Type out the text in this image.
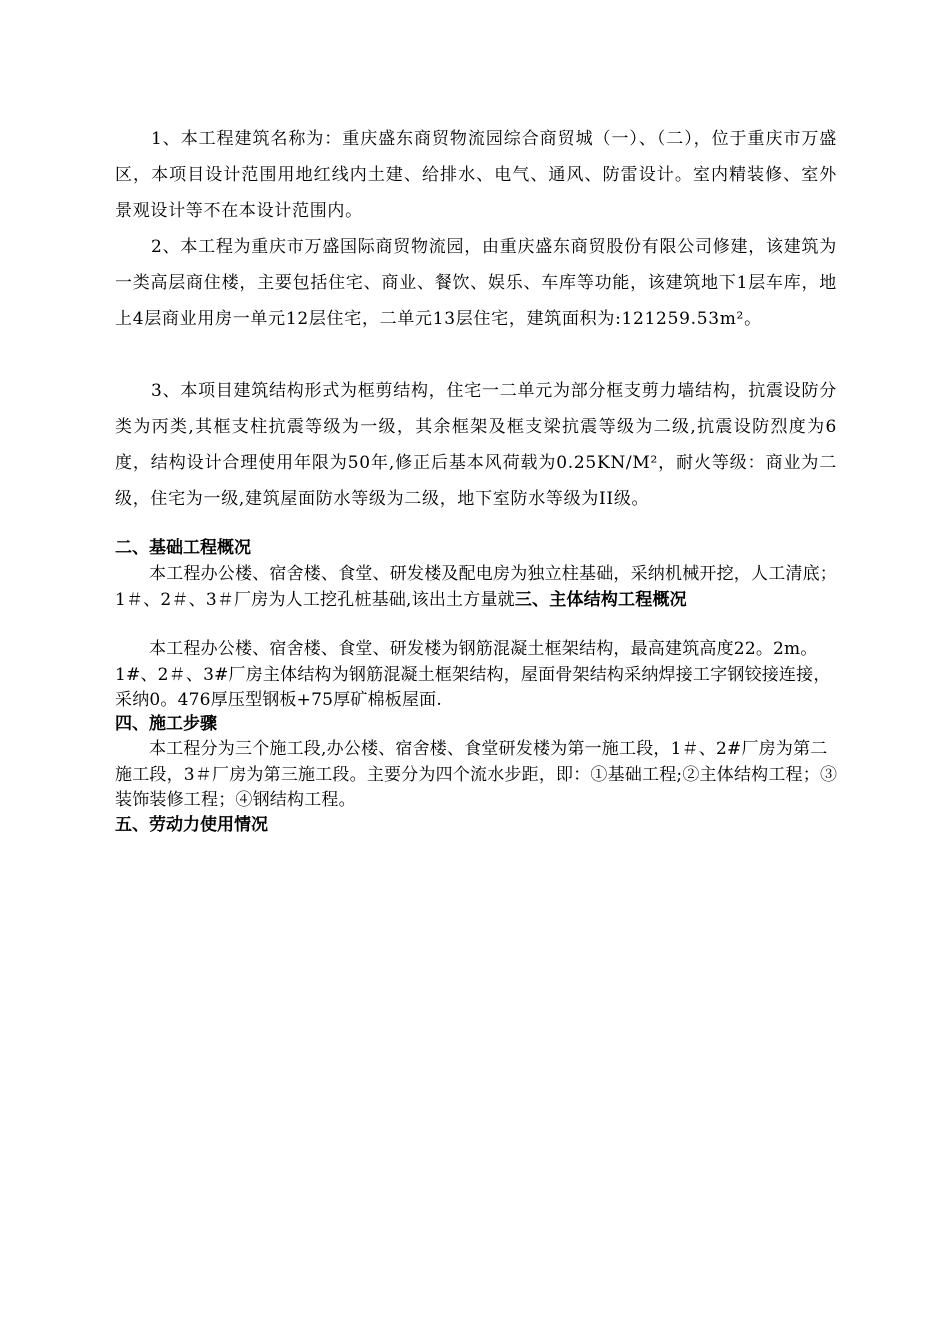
1、本工程建筑名称为：重庆盛东商贸物流园综合商贸城（一）、（二），位于重庆市万盛区，本项目设计范围用地红线内土建、给排水、电气、通风、防雷设计。室内精装修、室外景观设计等不在本设计范围内。

2、本工程为重庆市万盛国际商贸物流园，由重庆盛东商贸股份有限公司修建，该建筑为一类高层商住楼，主要包括住宅、商业、餐饮、娱乐、车库等功能，该建筑地下1层车库，地上4层商业用房一单元12层住宅，二单元13层住宅，建筑面积为:121259.53m²。

3、本项目建筑结构形式为框剪结构，住宅一二单元为部分框支剪力墙结构，抗震设防分类为丙类,其框支柱抗震等级为一级，其余框架及框支梁抗震等级为二级,抗震设防烈度为6度，结构设计合理使用年限为50年,修正后基本风荷载为0.25KN/M²，耐火等级：商业为二级，住宅为一级,建筑屋面防水等级为二级，地下室防水等级为II级。

二、基础工程概况
本工程办公楼、宿舍楼、食堂、研发楼及配电房为独立柱基础，采纳机械开挖，人工清底；1＃、2＃、3＃厂房为人工挖孔桩基础,该出土方量就三、主体结构工程概况
本工程办公楼、宿舍楼、食堂、研发楼为钢筋混凝土框架结构，最高建筑高度22。2m。1#、2＃、3#厂房主体结构为钢筋混凝土框架结构，屋面骨架结构采纳焊接工字钢铰接连接，采纳0。476厚压型钢板+75厚矿棉板屋面.
四、施工步骤
本工程分为三个施工段,办公楼、宿舍楼、食堂研发楼为第一施工段，1＃、2#厂房为第二施工段，3＃厂房为第三施工段。主要分为四个流水步距，即：①基础工程;②主体结构工程；③装饰装修工程；④钢结构工程。
五、劳动力使用情况
